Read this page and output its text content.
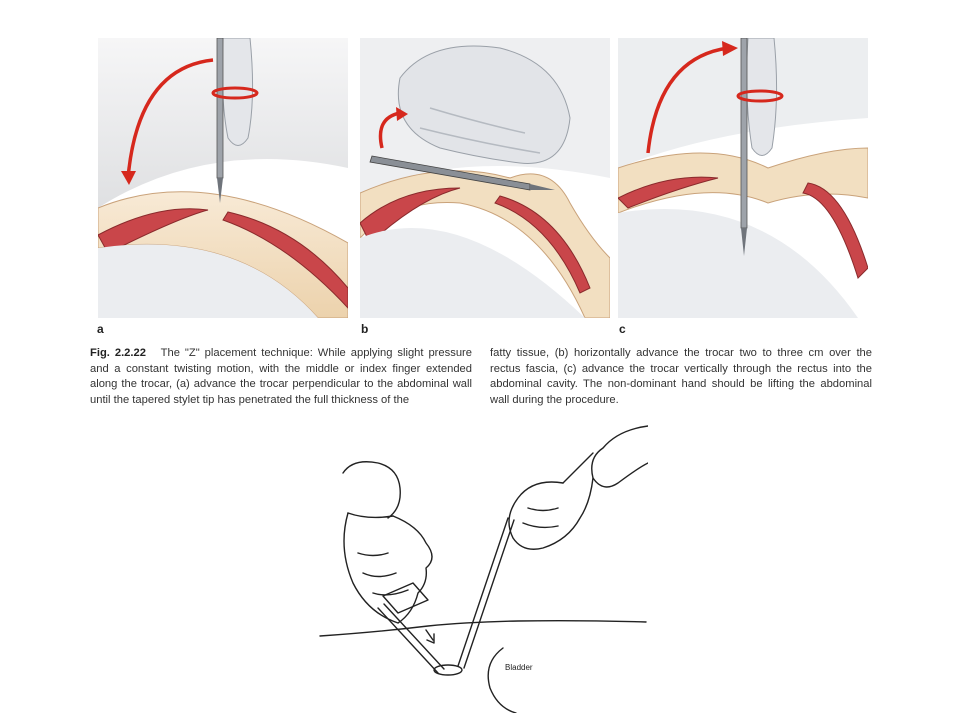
a	b	c
Fig. 2.2.22 The "Z" placement technique: While applying slight pressure and a constant twisting motion, with the middle or index finger extended along the trocar, (a) advance the trocar perpendicular to the abdominal wall until the tapered stylet tip has penetrated the full thickness of the
fatty tissue, (b) horizontally advance the trocar two to three cm over the rectus fascia, (c) advance the trocar vertically through the rectus into the abdominal cavity. The non-dominant hand should be lifting the abdominal wall during the procedure.
Bladder
